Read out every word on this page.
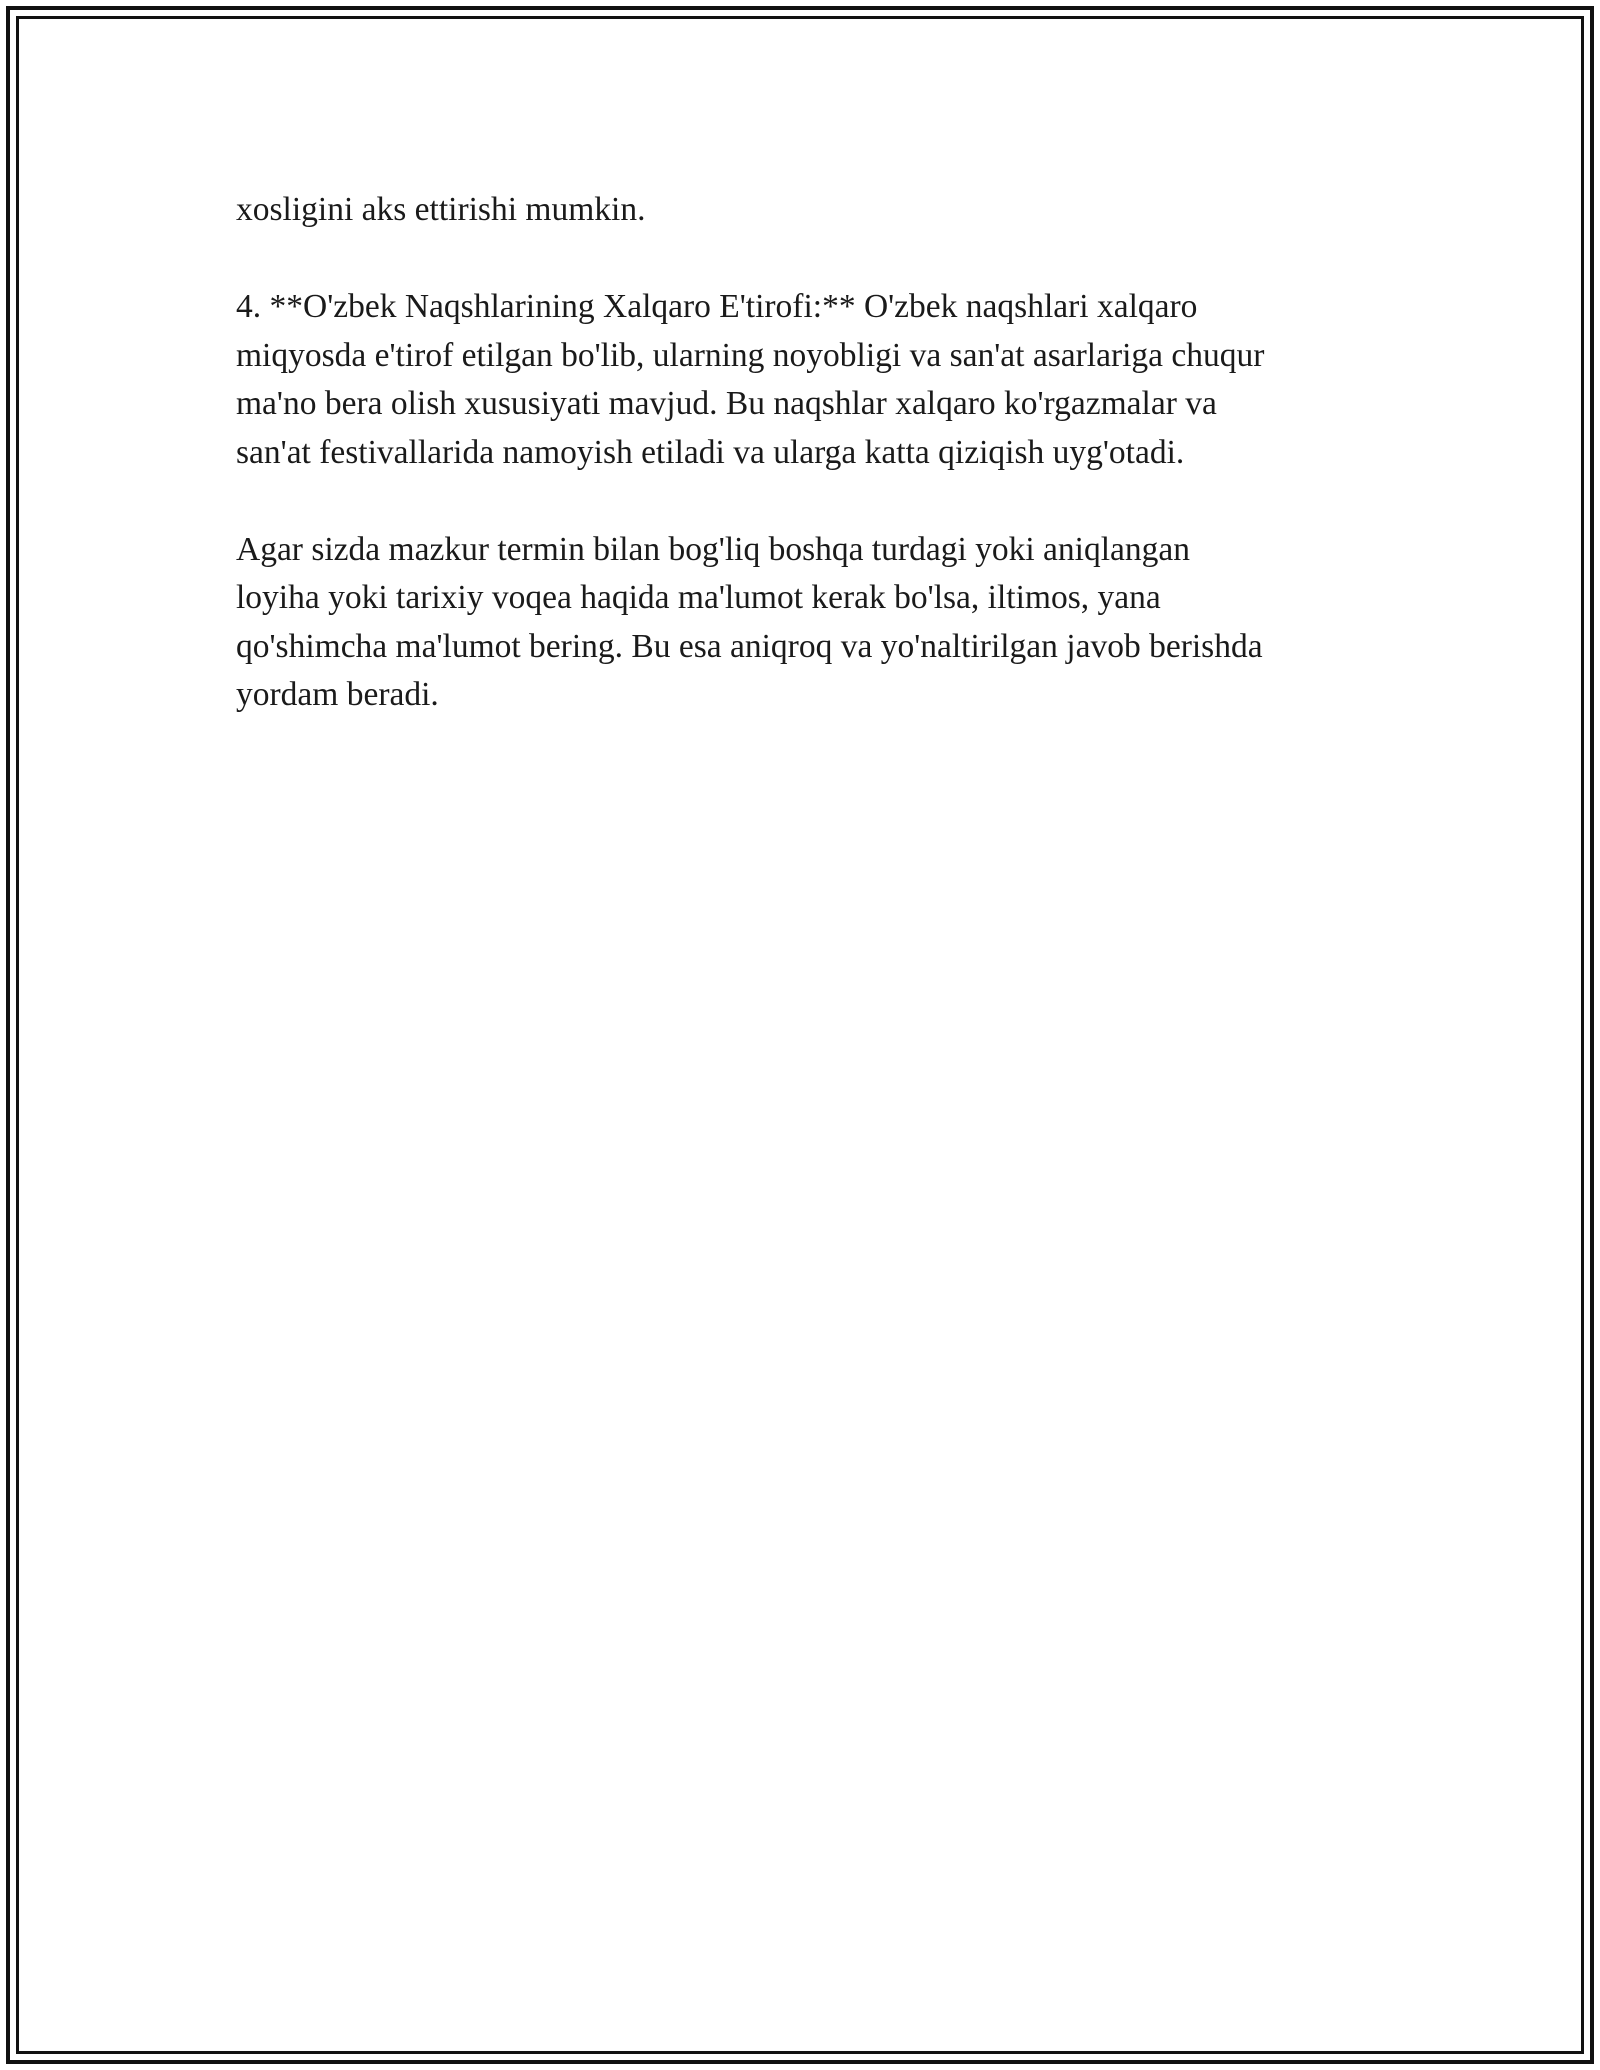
xosligini aks ettirishi mumkin.

4. **O'zbek Naqshlarining Xalqaro E'tirofi:** O'zbek naqshlari xalqaro
miqyosda e'tirof etilgan bo'lib, ularning noyobligi va san'at asarlariga chuqur
ma'no bera olish xususiyati mavjud. Bu naqshlar xalqaro ko'rgazmalar va
san'at festivallarida namoyish etiladi va ularga katta qiziqish uyg'otadi.

Agar sizda mazkur termin bilan bog'liq boshqa turdagi yoki aniqlangan
loyiha yoki tarixiy voqea haqida ma'lumot kerak bo'lsa, iltimos, yana
qo'shimcha ma'lumot bering. Bu esa aniqroq va yo'naltirilgan javob berishda
yordam beradi.
